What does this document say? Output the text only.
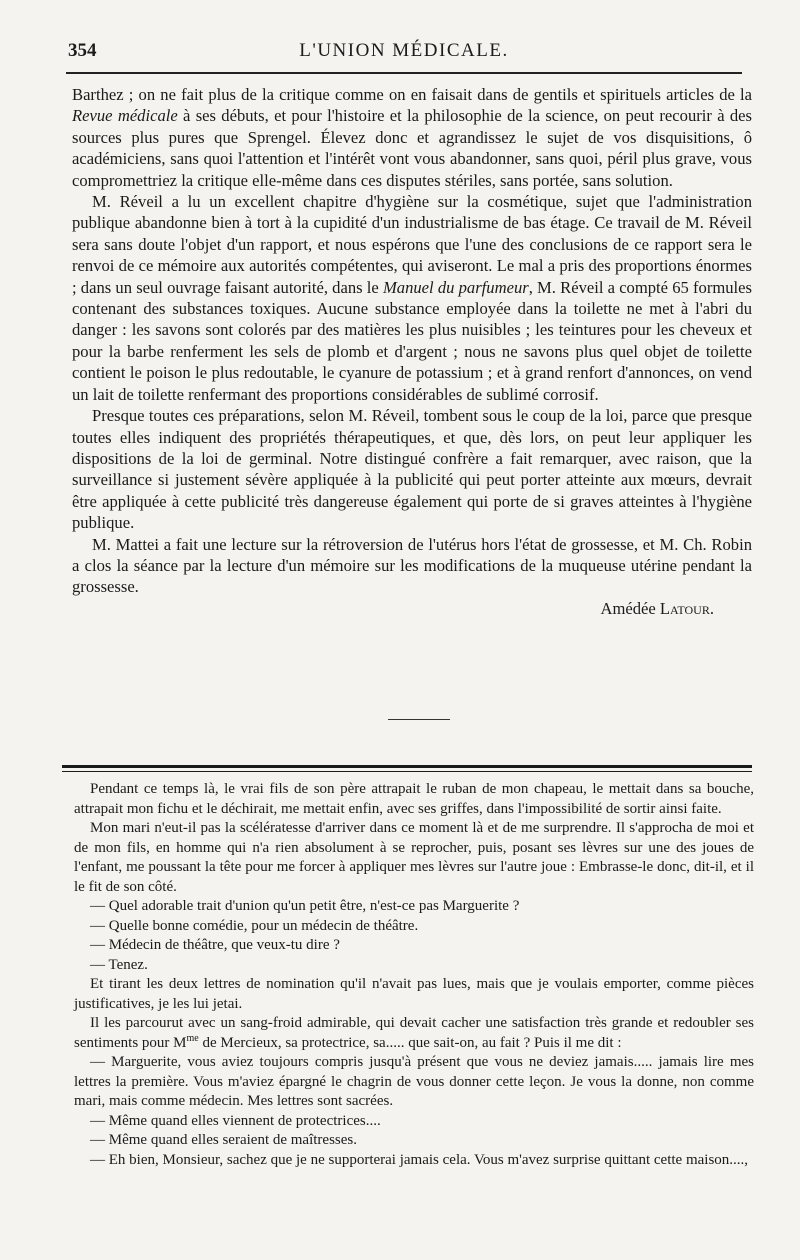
354	L'UNION MÉDICALE.

Barthez ; on ne fait plus de la critique comme on en faisait dans de gentils et spirituels articles de la Revue médicale à ses débuts, et pour l'histoire et la philosophie de la science, on peut recourir à des sources plus pures que Sprengel. Élevez donc et agrandissez le sujet de vos disquisitions, ô académiciens, sans quoi l'attention et l'intérêt vont vous abandonner, sans quoi, péril plus grave, vous compromettriez la critique elle-même dans ces disputes stériles, sans portée, sans solution.

M. Réveil a lu un excellent chapitre d'hygiène sur la cosmétique, sujet que l'administration publique abandonne bien à tort à la cupidité d'un industrialisme de bas étage. Ce travail de M. Réveil sera sans doute l'objet d'un rapport, et nous espérons que l'une des conclusions de ce rapport sera le renvoi de ce mémoire aux autorités compétentes, qui aviseront. Le mal a pris des proportions énormes ; dans un seul ouvrage faisant autorité, dans le Manuel du parfumeur, M. Réveil a compté 65 formules contenant des substances toxiques. Aucune substance employée dans la toilette ne met à l'abri du danger : les savons sont colorés par des matières les plus nuisibles ; les teintures pour les cheveux et pour la barbe renferment les sels de plomb et d'argent ; nous ne savons plus quel objet de toilette contient le poison le plus redoutable, le cyanure de potassium ; et à grand renfort d'annonces, on vend un lait de toilette renfermant des proportions considérables de sublimé corrosif.

Presque toutes ces préparations, selon M. Réveil, tombent sous le coup de la loi, parce que presque toutes elles indiquent des propriétés thérapeutiques, et que, dès lors, on peut leur appliquer les dispositions de la loi de germinal. Notre distingué confrère a fait remarquer, avec raison, que la surveillance si justement sévère appliquée à la publicité qui peut porter atteinte aux mœurs, devrait être appliquée à cette publicité très dangereuse également qui porte de si graves atteintes à l'hygiène publique.

M. Mattei a fait une lecture sur la rétroversion de l'utérus hors l'état de grossesse, et M. Ch. Robin a clos la séance par la lecture d'un mémoire sur les modifications de la muqueuse utérine pendant la grossesse.

Amédée Latour.

Pendant ce temps là, le vrai fils de son père attrapait le ruban de mon chapeau, le mettait dans sa bouche, attrapait mon fichu et le déchirait, me mettait enfin, avec ses griffes, dans l'impossibilité de sortir ainsi faite.

Mon mari n'eut-il pas la scélératesse d'arriver dans ce moment là et de me surprendre. Il s'approcha de moi et de mon fils, en homme qui n'a rien absolument à se reprocher, puis, posant ses lèvres sur une des joues de l'enfant, me poussant la tête pour me forcer à appliquer mes lèvres sur l'autre joue : Embrasse-le donc, dit-il, et il le fit de son côté.

— Quel adorable trait d'union qu'un petit être, n'est-ce pas Marguerite ?

— Quelle bonne comédie, pour un médecin de théâtre.

— Médecin de théâtre, que veux-tu dire ?

— Tenez.

Et tirant les deux lettres de nomination qu'il n'avait pas lues, mais que je voulais emporter, comme pièces justificatives, je les lui jetai.

Il les parcourut avec un sang-froid admirable, qui devait cacher une satisfaction très grande et redoubler ses sentiments pour $M^{me}$ de Mercieux, sa protectrice, sa..... que sait-on, au fait ? Puis il me dit :

— Marguerite, vous aviez toujours compris jusqu'à présent que vous ne deviez jamais..... jamais lire mes lettres la première. Vous m'aviez épargné le chagrin de vous donner cette leçon. Je vous la donne, non comme mari, mais comme médecin. Mes lettres sont sacrées.

— Même quand elles viennent de protectrices....

— Même quand elles seraient de maîtresses.

— Eh bien, Monsieur, sachez que je ne supporterai jamais cela. Vous m'avez surprise quittant cette maison....,
